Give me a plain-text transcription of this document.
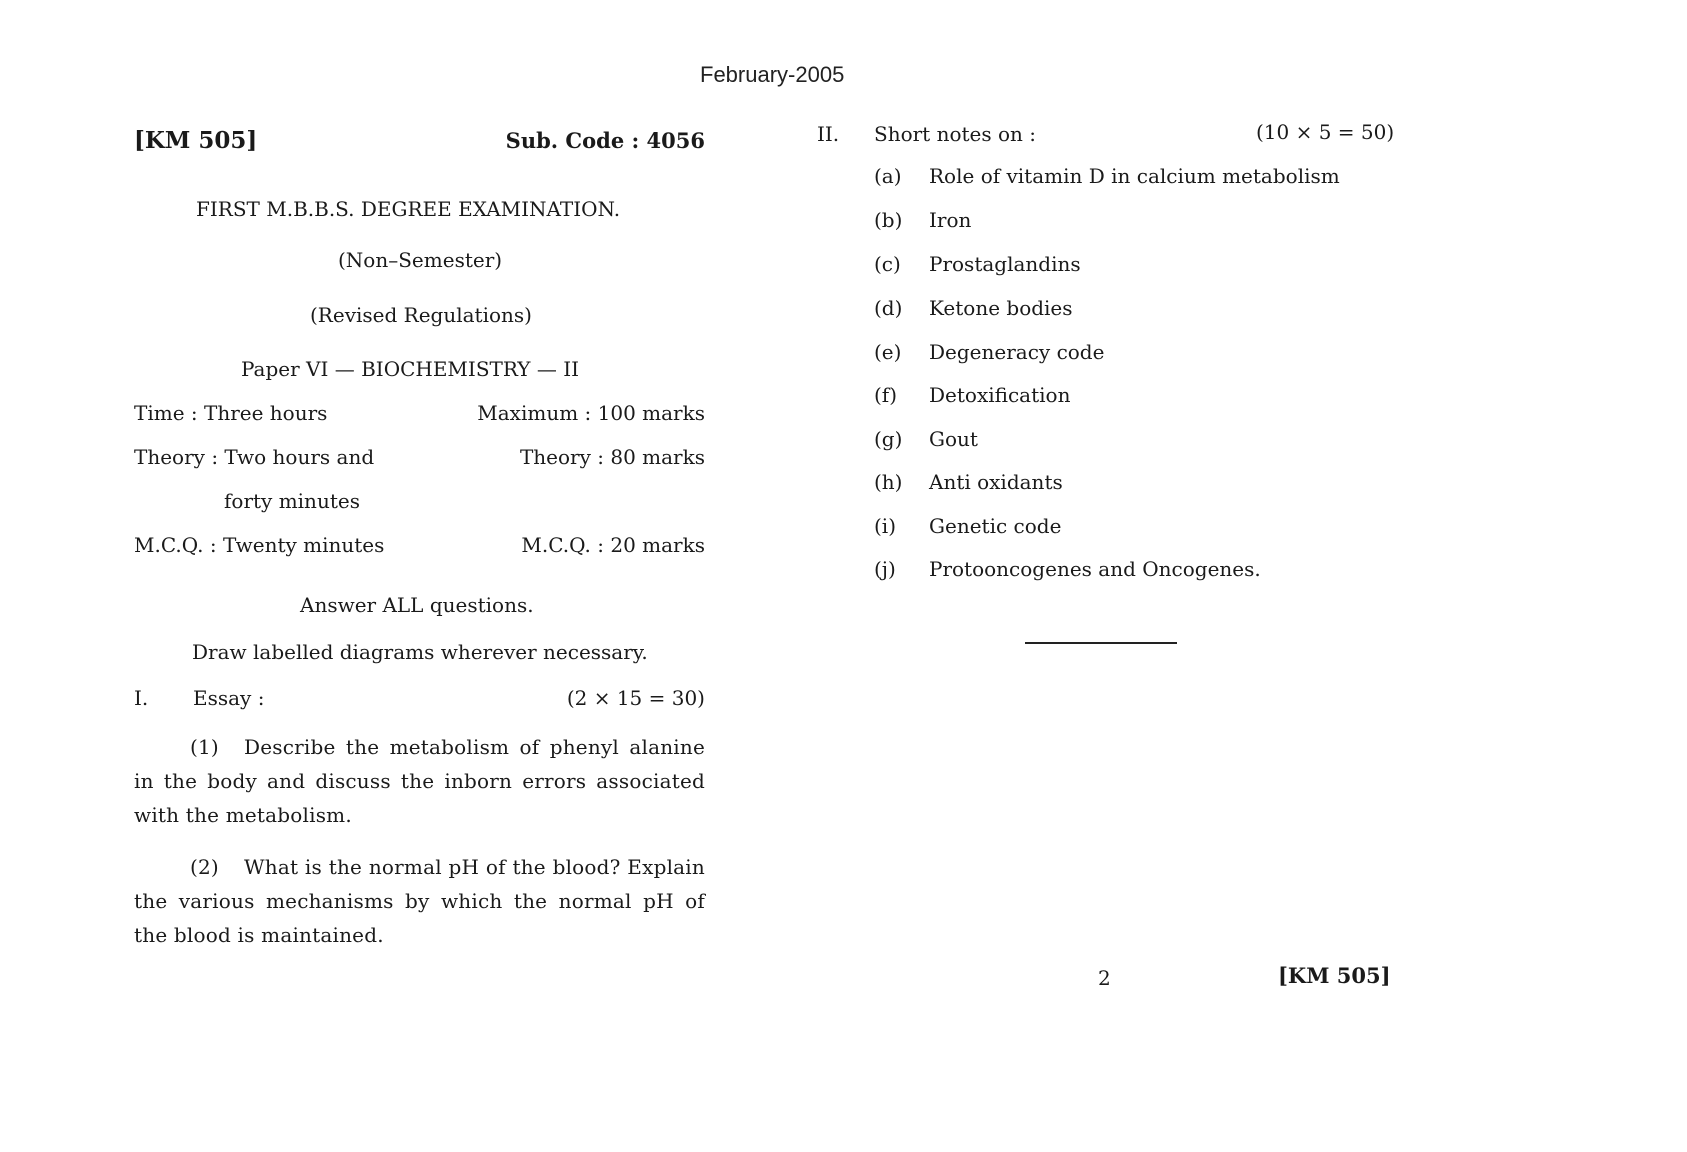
February-2005
[KM 505]	Sub. Code : 4056
FIRST M.B.B.S. DEGREE EXAMINATION.
(Non–Semester)
(Revised Regulations)
Paper VI — BIOCHEMISTRY — II
Time : Three hours	Maximum : 100 marks
Theory : Two hours and	Theory : 80 marks
forty minutes
M.C.Q. : Twenty minutes	M.C.Q. : 20 marks
Answer ALL questions.
Draw labelled diagrams wherever necessary.
I. Essay :	(2 × 15 = 30)
(1) Describe the metabolism of phenyl alanine in the body and discuss the inborn errors associated with the metabolism.
(2) What is the normal pH of the blood? Explain the various mechanisms by which the normal pH of the blood is maintained.
II. Short notes on :	(10 × 5 = 50)
(a) Role of vitamin D in calcium metabolism
(b) Iron
(c) Prostaglandins
(d) Ketone bodies
(e) Degeneracy code
(f) Detoxification
(g) Gout
(h) Anti oxidants
(i) Genetic code
(j) Protooncogenes and Oncogenes.
2	[KM 505]
